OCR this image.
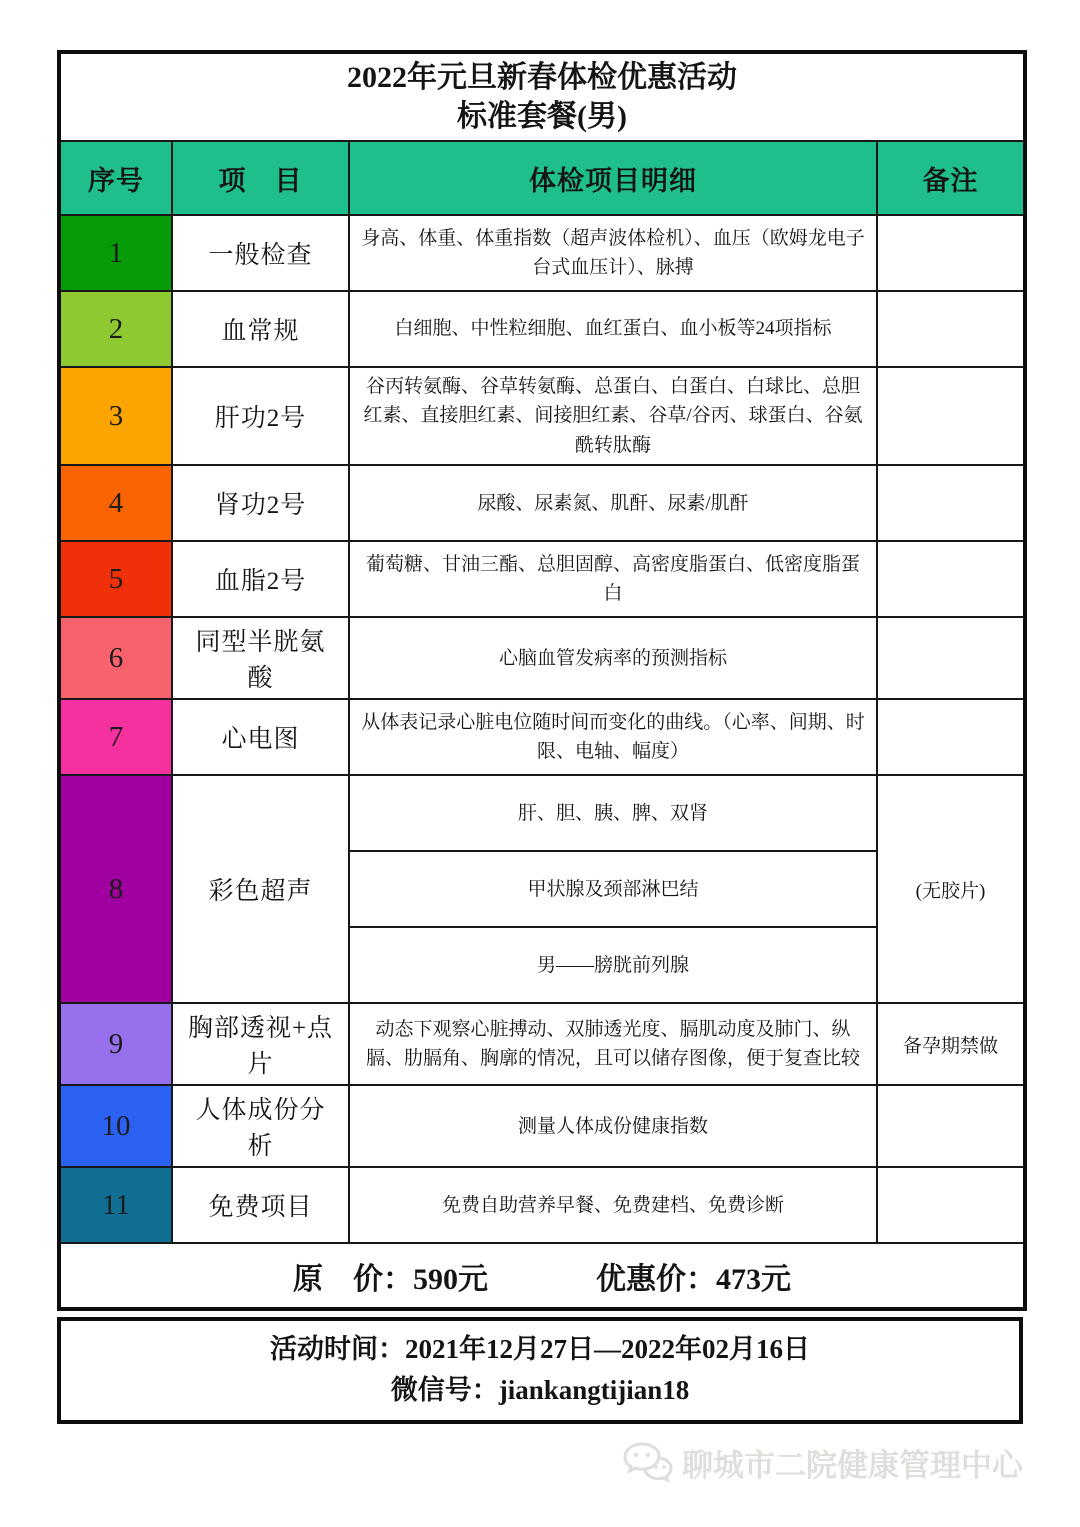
2022年元旦新春体检优惠活动
标准套餐(男)			

序号	项　目	体检项目明细	备注
1	一般检查	身高、体重、体重指数（超声波体检机）、血压（欧姆龙电子台式血压计）、脉搏	
2	血常规	白细胞、中性粒细胞、血红蛋白、血小板等24项指标	
3	肝功2号	谷丙转氨酶、谷草转氨酶、总蛋白、白蛋白、白球比、总胆红素、直接胆红素、间接胆红素、谷草/谷丙、球蛋白、谷氨酰转肽酶	
4	肾功2号	尿酸、尿素氮、肌酐、尿素/肌酐	
5	血脂2号	葡萄糖、甘油三酯、总胆固醇、高密度脂蛋白、低密度脂蛋白	
6	同型半胱氨酸	心脑血管发病率的预测指标	
7	心电图	从体表记录心脏电位随时间而变化的曲线。（心率、间期、时限、电轴、幅度）	
8	彩色超声	肝、胆、胰、脾、双肾	(无胶片)
		甲状腺及颈部淋巴结	
		男——膀胱前列腺	
9	胸部透视+点片	动态下观察心脏搏动、双肺透光度、膈肌动度及肺门、纵膈、肋膈角、胸廓的情况，且可以储存图像，便于复查比较	备孕期禁做
10	人体成份分析	测量人体成份健康指数	
11	免费项目	免费自助营养早餐、免费建档、免费诊断	

原　价：590元 优惠价：473元			
活动时间：2021年12月27日—2022年02月16日
微信号：jiankangtijian18
聊城市二院健康管理中心
